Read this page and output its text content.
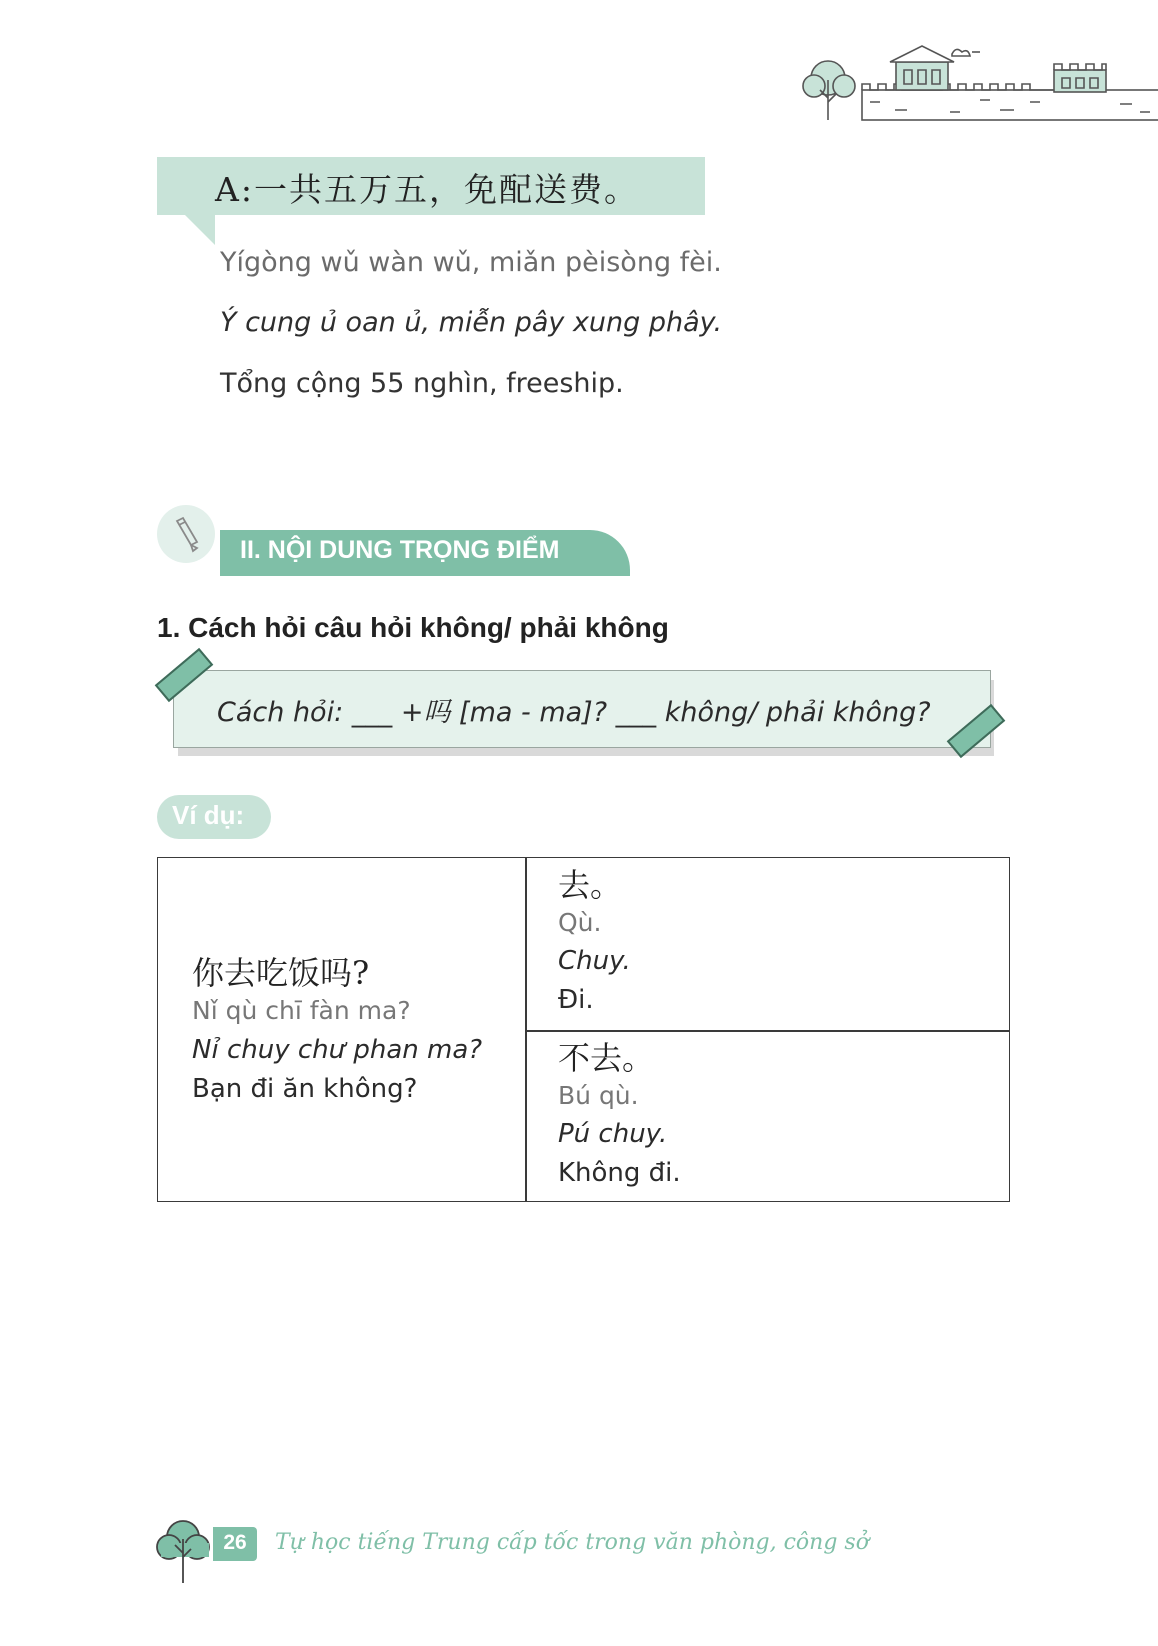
A:一共五万五，免配送费。
Yígòng wǔ wàn wǔ, miǎn pèisòng fèi.
Ý cung ủ oan ủ, miễn pây xung phây.
Tổng cộng 55 nghìn, freeship.
II. NỘI DUNG TRỌNG ĐIỂM
1. Cách hỏi câu hỏi không/ phải không
Cách hỏi: ___ +吗 [ma - ma]? ___ không/ phải không?
Ví dụ:
你去吃饭吗?
Nǐ qù chī fàn ma?
Nỉ chuy chư phan ma?
Bạn đi ăn không?
去。
Qù.
Chuy.
Đi.
不去。
Bú qù.
Pú chuy.
Không đi.
26	Tự học tiếng Trung cấp tốc trong văn phòng, công sở
